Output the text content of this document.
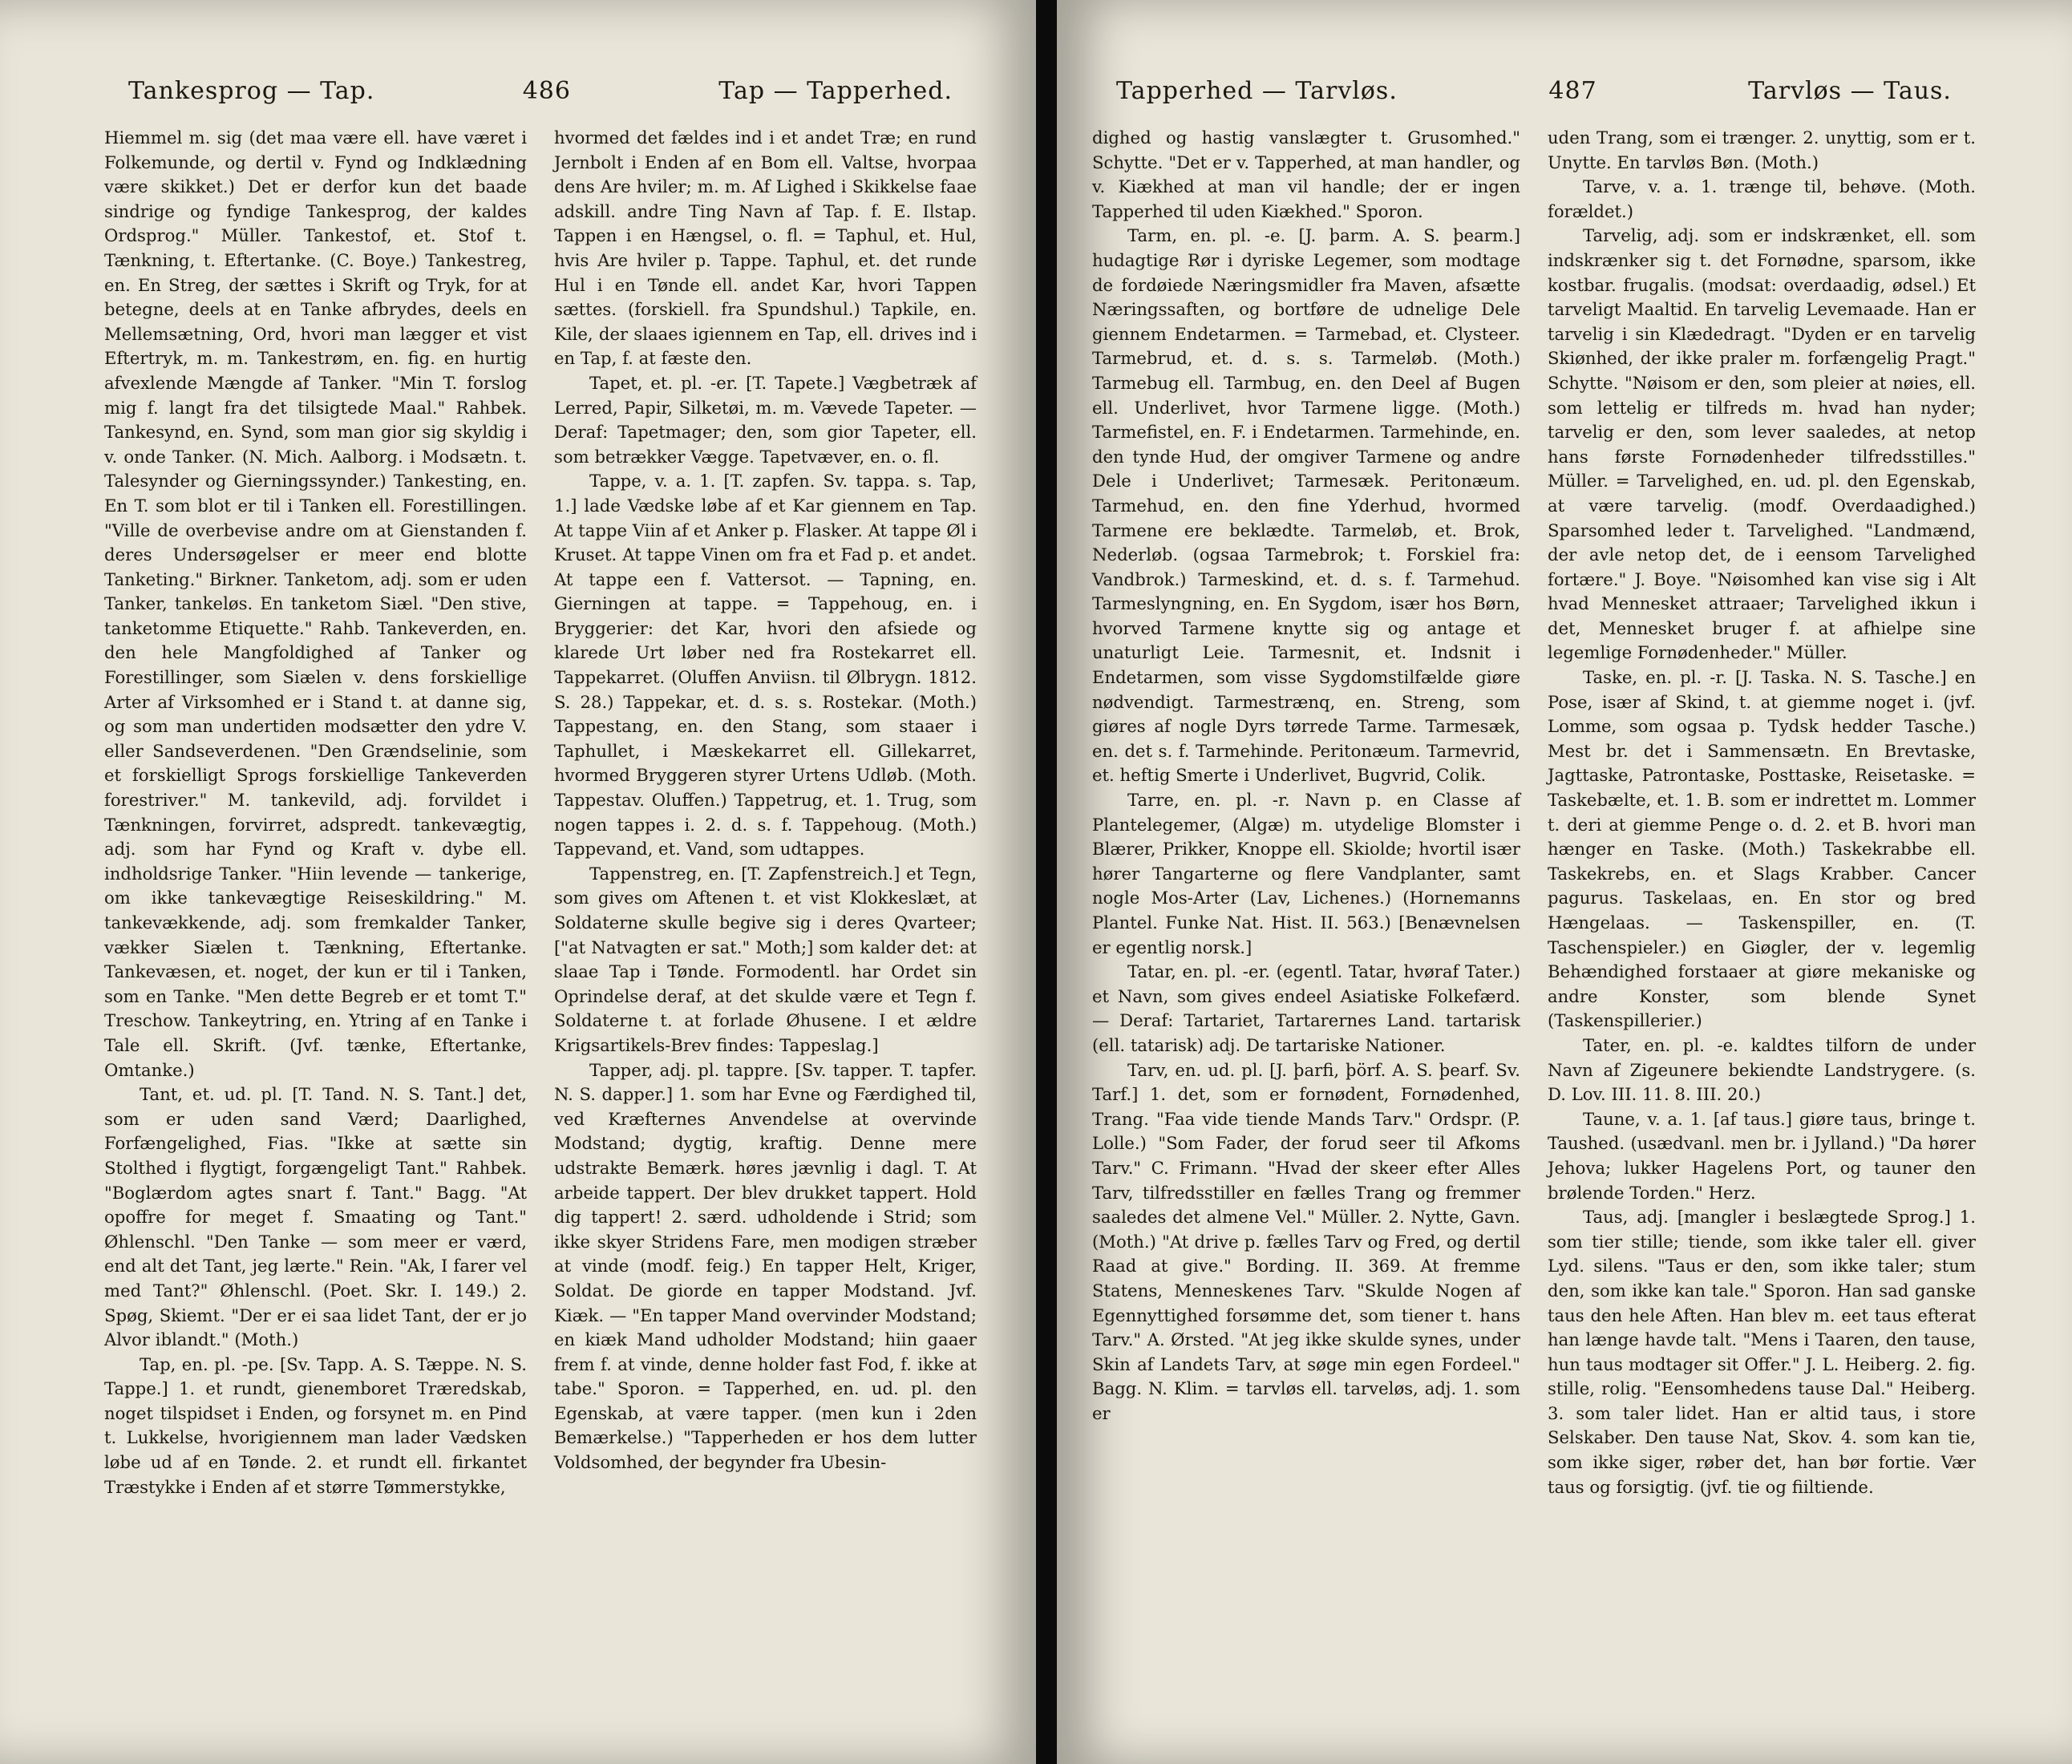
Tankesprog — Tap.	486	Tap — Tapperhed.

Hiemmel m. sig (det maa være ell. have været i Folkemunde, og dertil v. Fynd og Indklædning være skikket.) Det er derfor kun det baade sindrige og fyndige Tankesprog, der kaldes Ordsprog." Müller. Tankestof, et. Stof t. Tænkning, t. Eftertanke. (C. Boye.) Tankestreg, en. En Streg, der sættes i Skrift og Tryk, for at betegne, deels at en Tanke afbrydes, deels en Mellemsætning, Ord, hvori man lægger et vist Eftertryk, m. m. Tankestrøm, en. fig. en hurtig afvexlende Mængde af Tanker. "Min T. forslog mig f. langt fra det tilsigtede Maal." Rahbek. Tankesynd, en. Synd, som man gior sig skyldig i v. onde Tanker. (N. Mich. Aalborg. i Modsætn. t. Talesynder og Gierningssynder.) Tankesting, en. En T. som blot er til i Tanken ell. Forestillingen. "Ville de overbevise andre om at Gienstanden f. deres Undersøgelser er meer end blotte Tanketing." Birkner. Tanketom, adj. som er uden Tanker, tankeløs. En tanketom Siæl. "Den stive, tanketomme Etiquette." Rahb. Tankeverden, en. den hele Mangfoldighed af Tanker og Forestillinger, som Siælen v. dens forskiellige Arter af Virksomhed er i Stand t. at danne sig, og som man undertiden modsætter den ydre V. eller Sandseverdenen. "Den Grændselinie, som et forskielligt Sprogs forskiellige Tankeverden forestriver." M. tankevild, adj. forvildet i Tænkningen, forvirret, adspredt. tankevægtig, adj. som har Fynd og Kraft v. dybe ell. indholdsrige Tanker. "Hiin levende — tankerige, om ikke tankevægtige Reiseskildring." M. tankevækkende, adj. som fremkalder Tanker, vækker Siælen t. Tænkning, Eftertanke. Tankevæsen, et. noget, der kun er til i Tanken, som en Tanke. "Men dette Begreb er et tomt T." Treschow. Tankeytring, en. Ytring af en Tanke i Tale ell. Skrift. (Jvf. tænke, Eftertanke, Omtanke.)

Tant, et. ud. pl. [T. Tand. N. S. Tant.] det, som er uden sand Værd; Daarlighed, Forfængelighed, Fias. "Ikke at sætte sin Stolthed i flygtigt, forgængeligt Tant." Rahbek. "Boglærdom agtes snart f. Tant." Bagg. "At opoffre for meget f. Smaating og Tant." Øhlenschl. "Den Tanke — som meer er værd, end alt det Tant, jeg lærte." Rein. "Ak, I farer vel med Tant?" Øhlenschl. (Poet. Skr. I. 149.) 2. Spøg, Skiemt. "Der er ei saa lidet Tant, der er jo Alvor iblandt." (Moth.)

Tap, en. pl. -pe. [Sv. Tapp. A. S. Tæppe. N. S. Tappe.] 1. et rundt, gienemboret Træredskab, noget tilspidset i Enden, og forsynet m. en Pind t. Lukkelse, hvorigiennem man lader Vædsken løbe ud af en Tønde. 2. et rundt ell. firkantet Træstykke i Enden af et større Tømmerstykke,

hvormed det fældes ind i et andet Træ; en rund Jernbolt i Enden af en Bom ell. Valtse, hvorpaa dens Are hviler; m. m. Af Lighed i Skikkelse faae adskill. andre Ting Navn af Tap. f. E. Ilstap. Tappen i en Hængsel, o. fl. = Taphul, et. Hul, hvis Are hviler p. Tappe. Taphul, et. det runde Hul i en Tønde ell. andet Kar, hvori Tappen sættes. (forskiell. fra Spundshul.) Tapkile, en. Kile, der slaaes igiennem en Tap, ell. drives ind i en Tap, f. at fæste den.

Tapet, et. pl. -er. [T. Tapete.] Vægbetræk af Lerred, Papir, Silketøi, m. m. Vævede Tapeter. — Deraf: Tapetmager; den, som gior Tapeter, ell. som betrækker Vægge. Tapetvæver, en. o. fl.

Tappe, v. a. 1. [T. zapfen. Sv. tappa. s. Tap, 1.] lade Vædske løbe af et Kar giennem en Tap. At tappe Viin af et Anker p. Flasker. At tappe Øl i Kruset. At tappe Vinen om fra et Fad p. et andet. At tappe een f. Vattersot. — Tapning, en. Gierningen at tappe. = Tappehoug, en. i Bryggerier: det Kar, hvori den afsiede og klarede Urt løber ned fra Rostekarret ell. Tappekarret. (Oluffen Anviisn. til Ølbrygn. 1812. S. 28.) Tappekar, et. d. s. s. Rostekar. (Moth.) Tappestang, en. den Stang, som staaer i Taphullet, i Mæskekarret ell. Gillekarret, hvormed Bryggeren styrer Urtens Udløb. (Moth. Tappestav. Oluffen.) Tappetrug, et. 1. Trug, som nogen tappes i. 2. d. s. f. Tappehoug. (Moth.) Tappevand, et. Vand, som udtappes.

Tappenstreg, en. [T. Zapfenstreich.] et Tegn, som gives om Aftenen t. et vist Klokkeslæt, at Soldaterne skulle begive sig i deres Qvarteer; ["at Natvagten er sat." Moth;] som kalder det: at slaae Tap i Tønde. Formodentl. har Ordet sin Oprindelse deraf, at det skulde være et Tegn f. Soldaterne t. at forlade Øhusene. I et ældre Krigsartikels-Brev findes: Tappeslag.]

Tapper, adj. pl. tappre. [Sv. tapper. T. tapfer. N. S. dapper.] 1. som har Evne og Færdighed til, ved Kræfternes Anvendelse at overvinde Modstand; dygtig, kraftig. Denne mere udstrakte Bemærk. høres jævnlig i dagl. T. At arbeide tappert. Der blev drukket tappert. Hold dig tappert! 2. særd. udholdende i Strid; som ikke skyer Stridens Fare, men modigen stræber at vinde (modf. feig.) En tapper Helt, Kriger, Soldat. De giorde en tapper Modstand. Jvf. Kiæk. — "En tapper Mand overvinder Modstand; en kiæk Mand udholder Modstand; hiin gaaer frem f. at vinde, denne holder fast Fod, f. ikke at tabe." Sporon. = Tapperhed, en. ud. pl. den Egenskab, at være tapper. (men kun i 2den Bemærkelse.) "Tapperheden er hos dem lutter Voldsomhed, der begynder fra Ubesin-

Tapperhed — Tarvløs.	487	Tarvløs — Taus.

dighed og hastig vanslægter t. Grusomhed." Schytte. "Det er v. Tapperhed, at man handler, og v. Kiækhed at man vil handle; der er ingen Tapperhed til uden Kiækhed." Sporon.

Tarm, en. pl. -e. [J. þarm. A. S. þearm.] hudagtige Rør i dyriske Legemer, som modtage de fordøiede Næringsmidler fra Maven, afsætte Næringssaften, og bortføre de udnelige Dele giennem Endetarmen. = Tarmebad, et. Clysteer. Tarmebrud, et. d. s. s. Tarmeløb. (Moth.) Tarmebug ell. Tarmbug, en. den Deel af Bugen ell. Underlivet, hvor Tarmene ligge. (Moth.) Tarmefistel, en. F. i Endetarmen. Tarmehinde, en. den tynde Hud, der omgiver Tarmene og andre Dele i Underlivet; Tarmesæk. Peritonæum. Tarmehud, en. den fine Yderhud, hvormed Tarmene ere beklædte. Tarmeløb, et. Brok, Nederløb. (ogsaa Tarmebrok; t. Forskiel fra: Vandbrok.) Tarmeskind, et. d. s. f. Tarmehud. Tarmeslyngning, en. En Sygdom, især hos Børn, hvorved Tarmene knytte sig og antage et unaturligt Leie. Tarmesnit, et. Indsnit i Endetarmen, som visse Sygdomstilfælde giøre nødvendigt. Tarmestrænq, en. Streng, som giøres af nogle Dyrs tørrede Tarme. Tarmesæk, en. det s. f. Tarmehinde. Peritonæum. Tarmevrid, et. heftig Smerte i Underlivet, Bugvrid, Colik.

Tarre, en. pl. -r. Navn p. en Classe af Plantelegemer, (Algæ) m. utydelige Blomster i Blærer, Prikker, Knoppe ell. Skiolde; hvortil især hører Tangarterne og flere Vandplanter, samt nogle Mos-Arter (Lav, Lichenes.) (Hornemanns Plantel. Funke Nat. Hist. II. 563.) [Benævnelsen er egentlig norsk.]

Tatar, en. pl. -er. (egentl. Tatar, hvøraf Tater.) et Navn, som gives endeel Asiatiske Folkefærd. — Deraf: Tartariet, Tartarernes Land. tartarisk (ell. tatarisk) adj. De tartariske Nationer.

Tarv, en. ud. pl. [J. þarfi, þörf. A. S. þearf. Sv. Tarf.] 1. det, som er fornødent, Fornødenhed, Trang. "Faa vide tiende Mands Tarv." Ordspr. (P. Lolle.) "Som Fader, der forud seer til Afkoms Tarv." C. Frimann. "Hvad der skeer efter Alles Tarv, tilfredsstiller en fælles Trang og fremmer saaledes det almene Vel." Müller. 2. Nytte, Gavn. (Moth.) "At drive p. fælles Tarv og Fred, og dertil Raad at give." Bording. II. 369. At fremme Statens, Menneskenes Tarv. "Skulde Nogen af Egennyttighed forsømme det, som tiener t. hans Tarv." A. Ørsted. "At jeg ikke skulde synes, under Skin af Landets Tarv, at søge min egen Fordeel." Bagg. N. Klim. = tarvløs ell. tarveløs, adj. 1. som er

uden Trang, som ei trænger. 2. unyttig, som er t. Unytte. En tarvløs Bøn. (Moth.)

Tarve, v. a. 1. trænge til, behøve. (Moth. forældet.)

Tarvelig, adj. som er indskrænket, ell. som indskrænker sig t. det Fornødne, sparsom, ikke kostbar. frugalis. (modsat: overdaadig, ødsel.) Et tarveligt Maaltid. En tarvelig Levemaade. Han er tarvelig i sin Klædedragt. "Dyden er en tarvelig Skiønhed, der ikke praler m. forfængelig Pragt." Schytte. "Nøisom er den, som pleier at nøies, ell. som lettelig er tilfreds m. hvad han nyder; tarvelig er den, som lever saaledes, at netop hans første Fornødenheder tilfredsstilles." Müller. = Tarvelighed, en. ud. pl. den Egenskab, at være tarvelig. (modf. Overdaadighed.) Sparsomhed leder t. Tarvelighed. "Landmænd, der avle netop det, de i eensom Tarvelighed fortære." J. Boye. "Nøisomhed kan vise sig i Alt hvad Mennesket attraaer; Tarvelighed ikkun i det, Mennesket bruger f. at afhielpe sine legemlige Fornødenheder." Müller.

Taske, en. pl. -r. [J. Taska. N. S. Tasche.] en Pose, især af Skind, t. at giemme noget i. (jvf. Lomme, som ogsaa p. Tydsk hedder Tasche.) Mest br. det i Sammensætn. En Brevtaske, Jagttaske, Patrontaske, Posttaske, Reisetaske. = Taskebælte, et. 1. B. som er indrettet m. Lommer t. deri at giemme Penge o. d. 2. et B. hvori man hænger en Taske. (Moth.) Taskekrabbe ell. Taskekrebs, en. et Slags Krabber. Cancer pagurus. Taskelaas, en. En stor og bred Hængelaas. — Taskenspiller, en. (T. Taschenspieler.) en Giøgler, der v. legemlig Behændighed forstaaer at giøre mekaniske og andre Konster, som blende Synet (Taskenspillerier.)

Tater, en. pl. -e. kaldtes tilforn de under Navn af Zigeunere bekiendte Landstrygere. (s. D. Lov. III. 11. 8. III. 20.)

Taune, v. a. 1. [af taus.] giøre taus, bringe t. Taushed. (usædvanl. men br. i Jylland.) "Da hører Jehova; lukker Hagelens Port, og tauner den brølende Torden." Herz.

Taus, adj. [mangler i beslægtede Sprog.] 1. som tier stille; tiende, som ikke taler ell. giver Lyd. silens. "Taus er den, som ikke taler; stum den, som ikke kan tale." Sporon. Han sad ganske taus den hele Aften. Han blev m. eet taus efterat han længe havde talt. "Mens i Taaren, den tause, hun taus modtager sit Offer." J. L. Heiberg. 2. fig. stille, rolig. "Eensomhedens tause Dal." Heiberg. 3. som taler lidet. Han er altid taus, i store Selskaber. Den tause Nat, Skov. 4. som kan tie, som ikke siger, røber det, han bør fortie. Vær taus og forsigtig. (jvf. tie og fiiltiende.
